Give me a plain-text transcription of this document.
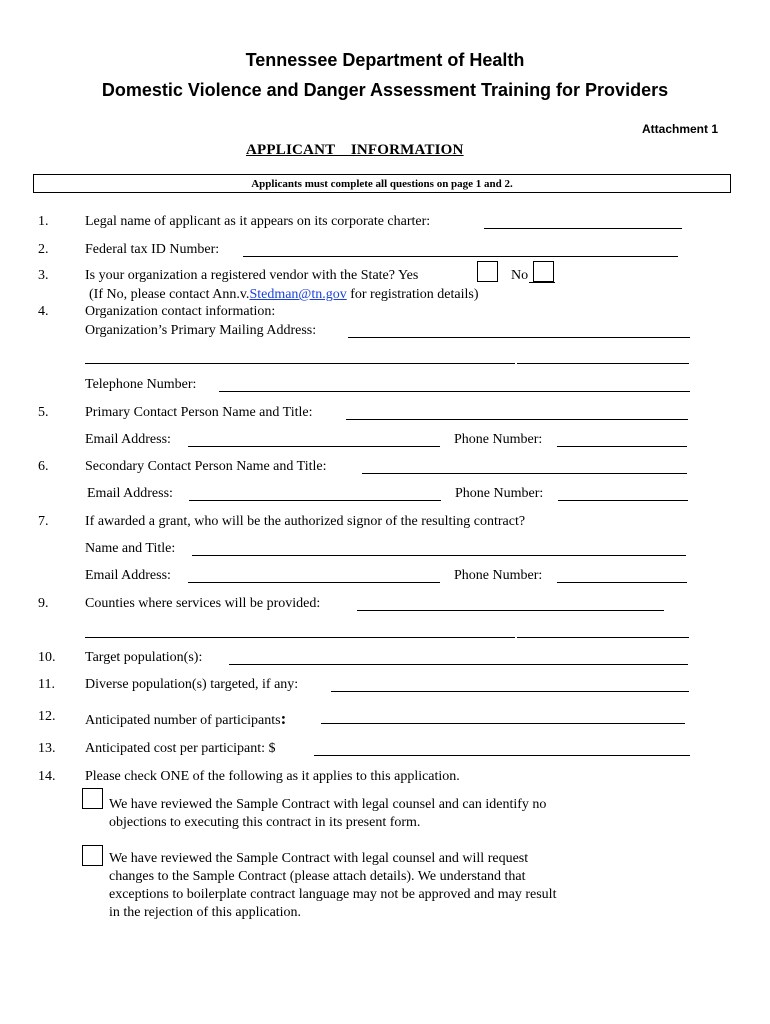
Tennessee Department of Health
Domestic Violence and Danger Assessment Training for Providers
Attachment 1
APPLICANT    INFORMATION
Applicants must complete all questions on page 1 and 2.
1.	Legal name of applicant as it appears on its corporate charter:
2.	Federal tax ID Number:
3.	Is your organization a registered vendor with the State? Yes	No
(If No, please contact Ann.v.Stedman@tn.gov for registration details)
4.	Organization contact information:
Organization’s Primary Mailing Address:
Telephone Number:
5.	Primary Contact Person Name and Title:
Email Address:	Phone Number:
6.	Secondary Contact Person Name and Title:
Email Address:	Phone Number:
7.	If awarded a grant, who will be the authorized signor of the resulting contract?
Name and Title:
Email Address:	Phone Number:
9.	Counties where services will be provided:
10. Target population(s):
11. Diverse population(s) targeted, if any:
12. Anticipated number of participants:
13. Anticipated cost per participant: $
14. Please check ONE of the following as it applies to this application.
We have reviewed the Sample Contract with legal counsel and can identify no
objections to executing this contract in its present form.
We have reviewed the Sample Contract with legal counsel and will request
changes to the Sample Contract (please attach details). We understand that
exceptions to boilerplate contract language may not be approved and may result
in the rejection of this application.
